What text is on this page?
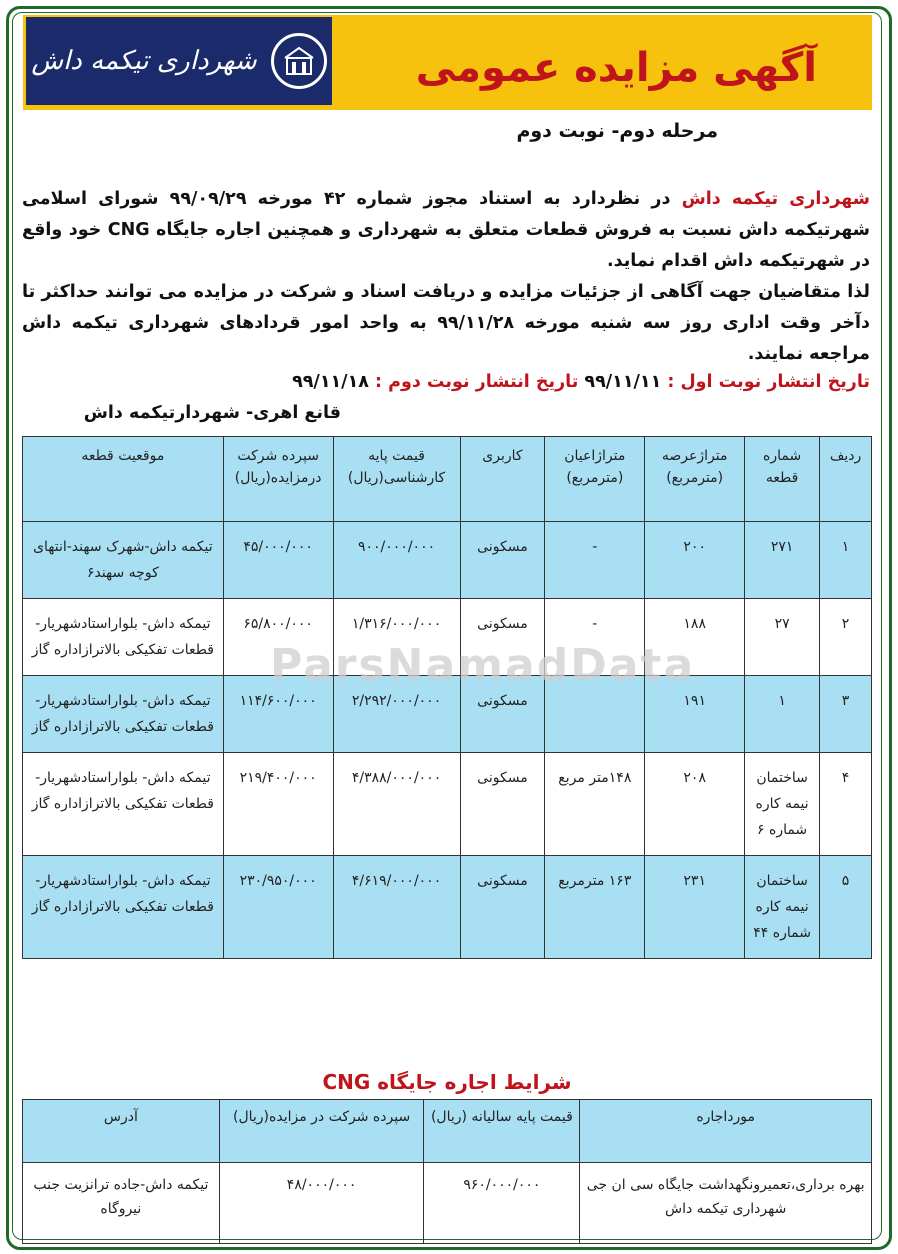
آگهی مزایده عمومی
شهرداری تیکمه داش
مرحله دوم- نوبت دوم
شهرداری تیکمه داش در نظردارد به استناد مجوز شماره ۴۲ مورخه ۹۹/۰۹/۲۹ شورای اسلامی شهرتیکمه داش نسبت به فروش قطعات متعلق به شهرداری و همچنین اجاره جایگاه CNG خود واقع در شهرتیکمه داش اقدام نماید.
لذا متقاضیان جهت آگاهی از جزئیات مزایده و دریافت اسناد و شرکت در مزایده می توانند حداکثر تا دآخر وقت اداری روز سه شنبه مورخه ۹۹/۱۱/۲۸ به واحد امور قردادهای شهرداری تیکمه داش مراجعه نمایند.
تاریخ انتشار نوبت اول : ۹۹/۱۱/۱۱ تاریخ انتشار نوبت دوم : ۹۹/۱۱/۱۸
قانع اهری- شهردارتیکمه داش
ردیف	شماره قطعه	متراژعرصه (مترمربع)	متراژاعیان (مترمربع)	کاربری	قیمت پایه کارشناسی(ریال)	سپرده شرکت درمزایده(ریال)	موقعیت قطعه
۱	۲۷۱	۲۰۰	-	مسکونی	۹۰۰/۰۰۰/۰۰۰	۴۵/۰۰۰/۰۰۰	تیکمه داش-شهرک سهند-انتهای کوچه سهند۶
۲	۲۷	۱۸۸	-	مسکونی	۱/۳۱۶/۰۰۰/۰۰۰	۶۵/۸۰۰/۰۰۰	تیمکه داش- بلواراستادشهریار- قطعات تفکیکی بالاترازاداره گاز
۳	۱	۱۹۱		مسکونی	۲/۲۹۲/۰۰۰/۰۰۰	۱۱۴/۶۰۰/۰۰۰	تیمکه داش- بلواراستادشهریار- قطعات تفکیکی بالاترازاداره گاز
۴	ساختمان نیمه کاره شماره ۶	۲۰۸	۱۴۸متر مربع	مسکونی	۴/۳۸۸/۰۰۰/۰۰۰	۲۱۹/۴۰۰/۰۰۰	تیمکه داش- بلواراستادشهریار- قطعات تفکیکی بالاترازاداره گاز
۵	ساختمان نیمه کاره شماره ۴۴	۲۳۱	۱۶۳ مترمربع	مسکونی	۴/۶۱۹/۰۰۰/۰۰۰	۲۳۰/۹۵۰/۰۰۰	تیمکه داش- بلواراستادشهریار- قطعات تفکیکی بالاترازاداره گاز
ParsNamadData
شرایط اجاره جایگاه CNG
مورداجاره	قیمت پایه سالیانه (ریال)	سپرده شرکت در مزایده(ریال)	آدرس
بهره برداری،تعمیرونگهداشت جایگاه سی ان جی شهرداری تیکمه داش	۹۶۰/۰۰۰/۰۰۰	۴۸/۰۰۰/۰۰۰	تیکمه داش-جاده ترانزیت جنب نیروگاه
